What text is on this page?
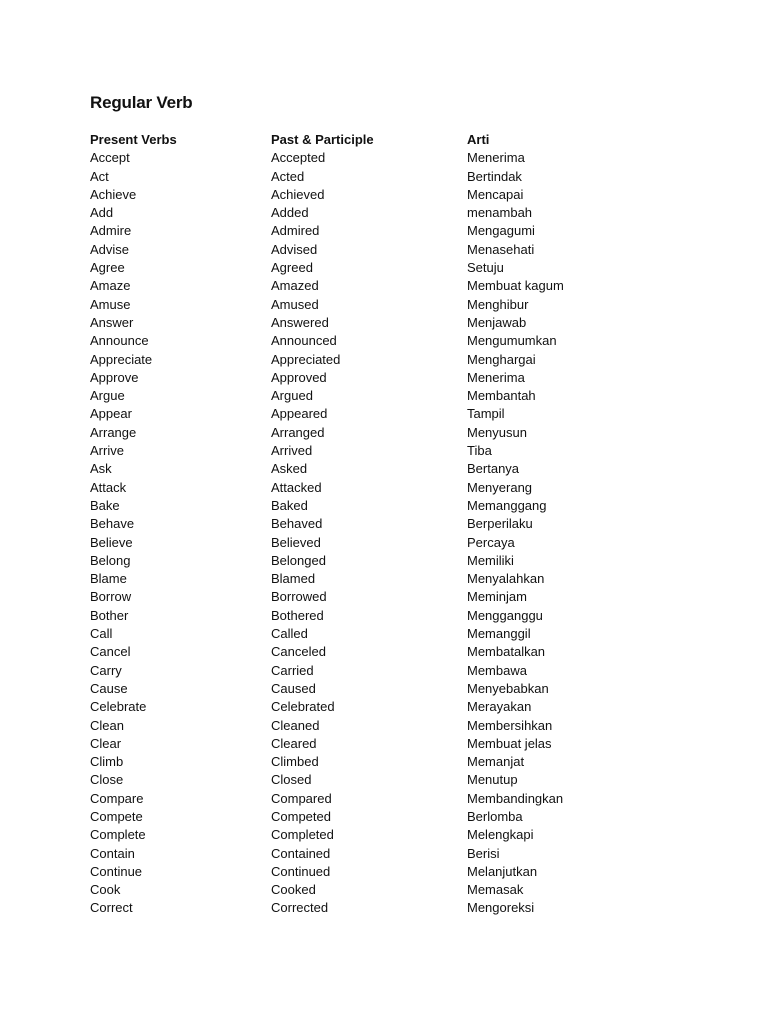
Regular Verb
Present Verbs	Past & Participle	Arti
Accept	Accepted	Menerima
Act	Acted	Bertindak
Achieve	Achieved	Mencapai
Add	Added	menambah
Admire	Admired	Mengagumi
Advise	Advised	Menasehati
Agree	Agreed	Setuju
Amaze	Amazed	Membuat kagum
Amuse	Amused	Menghibur
Answer	Answered	Menjawab
Announce	Announced	Mengumumkan
Appreciate	Appreciated	Menghargai
Approve	Approved	Menerima
Argue	Argued	Membantah
Appear	Appeared	Tampil
Arrange	Arranged	Menyusun
Arrive	Arrived	Tiba
Ask	Asked	Bertanya
Attack	Attacked	Menyerang
Bake	Baked	Memanggang
Behave	Behaved	Berperilaku
Believe	Believed	Percaya
Belong	Belonged	Memiliki
Blame	Blamed	Menyalahkan
Borrow	Borrowed	Meminjam
Bother	Bothered	Mengganggu
Call	Called	Memanggil
Cancel	Canceled	Membatalkan
Carry	Carried	Membawa
Cause	Caused	Menyebabkan
Celebrate	Celebrated	Merayakan
Clean	Cleaned	Membersihkan
Clear	Cleared	Membuat jelas
Climb	Climbed	Memanjat
Close	Closed	Menutup
Compare	Compared	Membandingkan
Compete	Competed	Berlomba
Complete	Completed	Melengkapi
Contain	Contained	Berisi
Continue	Continued	Melanjutkan
Cook	Cooked	Memasak
Correct	Corrected	Mengoreksi
